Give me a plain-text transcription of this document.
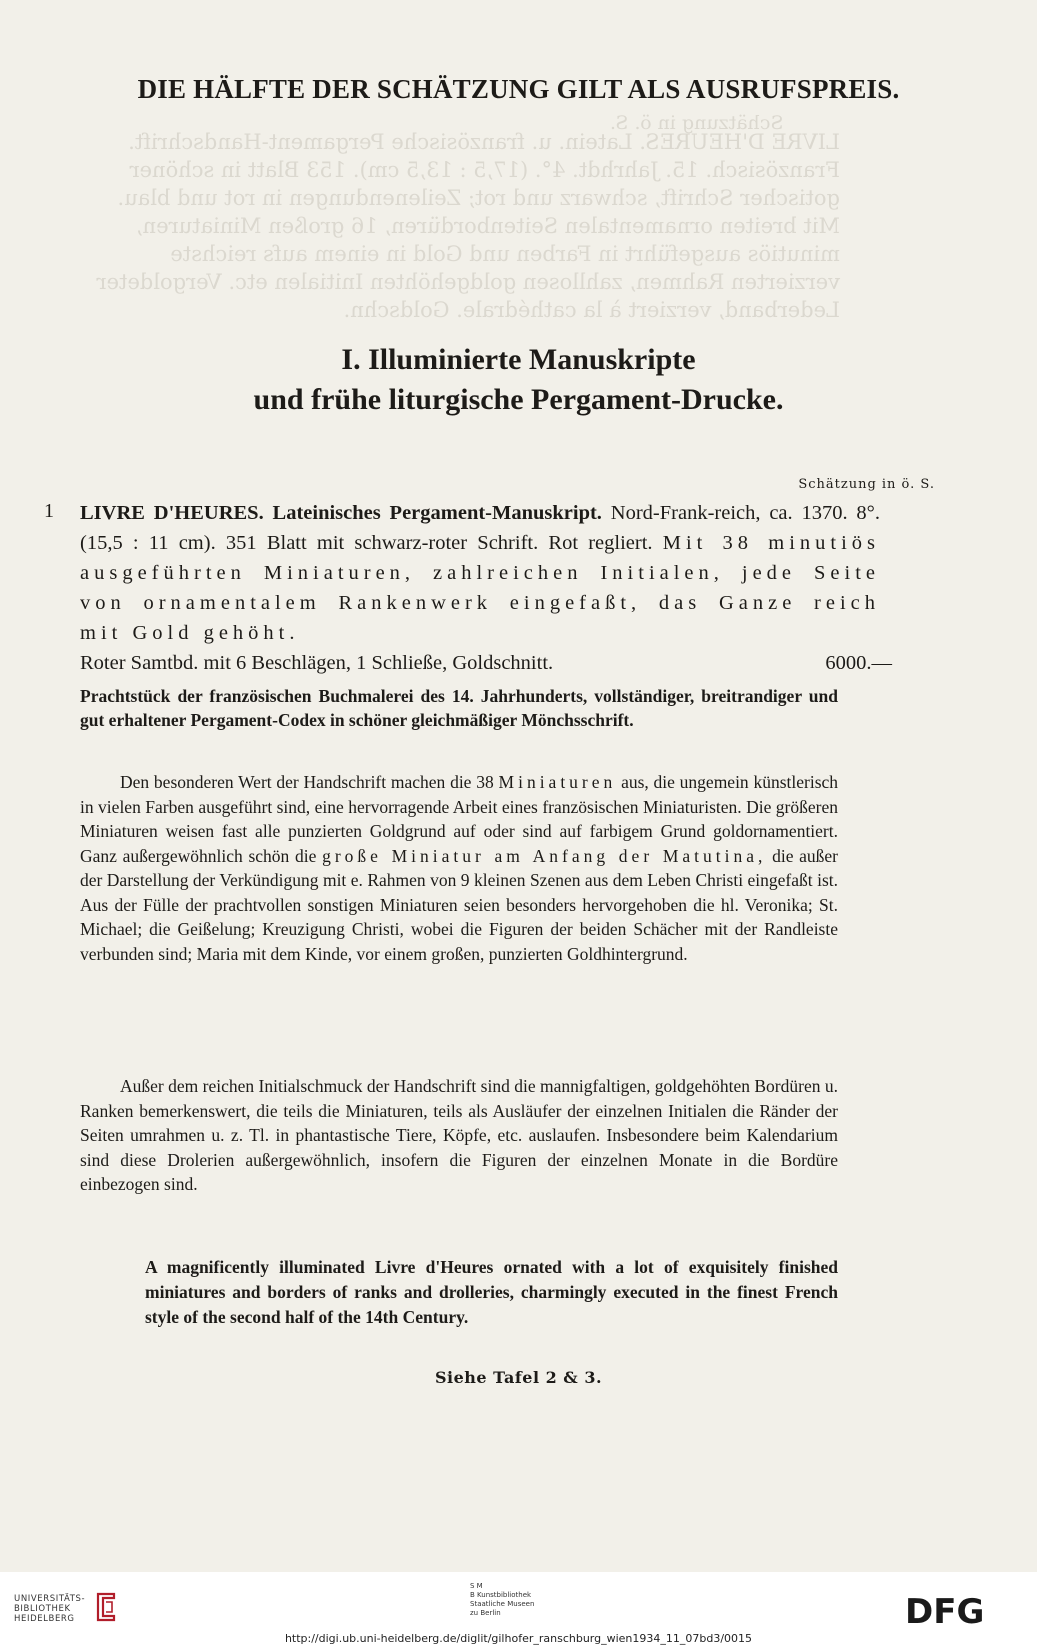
Schätzung in ö. S.
LIVRE D'HEURES. Latein. u. französische Pergament-Handschrift. Französisch. 15. Jahrhdt. 4°. (17,5 : 13,5 cm). 153 Blatt in schöner gotischer Schrift, schwarz und rot; Zeilenendungen in rot und blau. Mit breiten ornamentalen Seitenbordüren, 16 großen Miniaturen, minutiös ausgeführt in Farben und Gold in einem aufs reichste verzierten Rahmen, zahllosen goldgehöhten Initialen etc. Vergoldeter Lederband, verziert à la cathédrale. Goldschn.
DIE HÄLFTE DER SCHÄTZUNG GILT ALS AUSRUFSPREIS.
I. Illuminierte Manuskripte
und frühe liturgische Pergament-Drucke.
Schätzung in ö. S.
1 LIVRE D'HEURES. Lateinisches Pergament-Manuskript. Nord-Frank-reich, ca. 1370. 8°. (15,5 : 11 cm). 351 Blatt mit schwarz-roter Schrift. Rot regliert. Mit 38 minutiös ausgeführten Miniaturen, zahlreichen Initialen, jede Seite von ornamentalem Rankenwerk eingefaßt, das Ganze reich mit Gold gehöht.
Roter Samtbd. mit 6 Beschlägen, 1 Schließe, Goldschnitt.	6000.—
Prachtstück der französischen Buchmalerei des 14. Jahrhunderts, vollständiger, breitrandiger und gut erhaltener Pergament-Codex in schöner gleichmäßiger Mönchsschrift.
Den besonderen Wert der Handschrift machen die 38 Miniaturen aus, die ungemein künstlerisch in vielen Farben ausgeführt sind, eine hervorragende Arbeit eines französischen Miniaturisten. Die größeren Miniaturen weisen fast alle punzierten Goldgrund auf oder sind auf farbigem Grund goldornamentiert. Ganz außergewöhnlich schön die große Miniatur am Anfang der Matutina, die außer der Darstellung der Verkündigung mit e. Rahmen von 9 kleinen Szenen aus dem Leben Christi eingefaßt ist. Aus der Fülle der prachtvollen sonstigen Miniaturen seien besonders hervorgehoben die hl. Veronika; St. Michael; die Geißelung; Kreuzigung Christi, wobei die Figuren der beiden Schächer mit der Randleiste verbunden sind; Maria mit dem Kinde, vor einem großen, punzierten Goldhintergrund.
Außer dem reichen Initialschmuck der Handschrift sind die mannigfaltigen, goldgehöhten Bordüren u. Ranken bemerkenswert, die teils die Miniaturen, teils als Ausläufer der einzelnen Initialen die Ränder der Seiten umrahmen u. z. Tl. in phantastische Tiere, Köpfe, etc. auslaufen. Insbesondere beim Kalendarium sind diese Drolerien außergewöhnlich, insofern die Figuren der einzelnen Monate in die Bordüre einbezogen sind.
A magnificently illuminated Livre d'Heures ornated with a lot of exquisitely finished miniatures and borders of ranks and drolleries, charmingly executed in the finest French style of the second half of the 14th Century.
Siehe Tafel 2 & 3.
UNIVERSITÄTS-
BIBLIOTHEK
HEIDELBERG
S M
B Kunstbibliothek
Staatliche Museen
zu Berlin	DFG
http://digi.ub.uni-heidelberg.de/diglit/gilhofer_ranschburg_wien1934_11_07bd3/0015
